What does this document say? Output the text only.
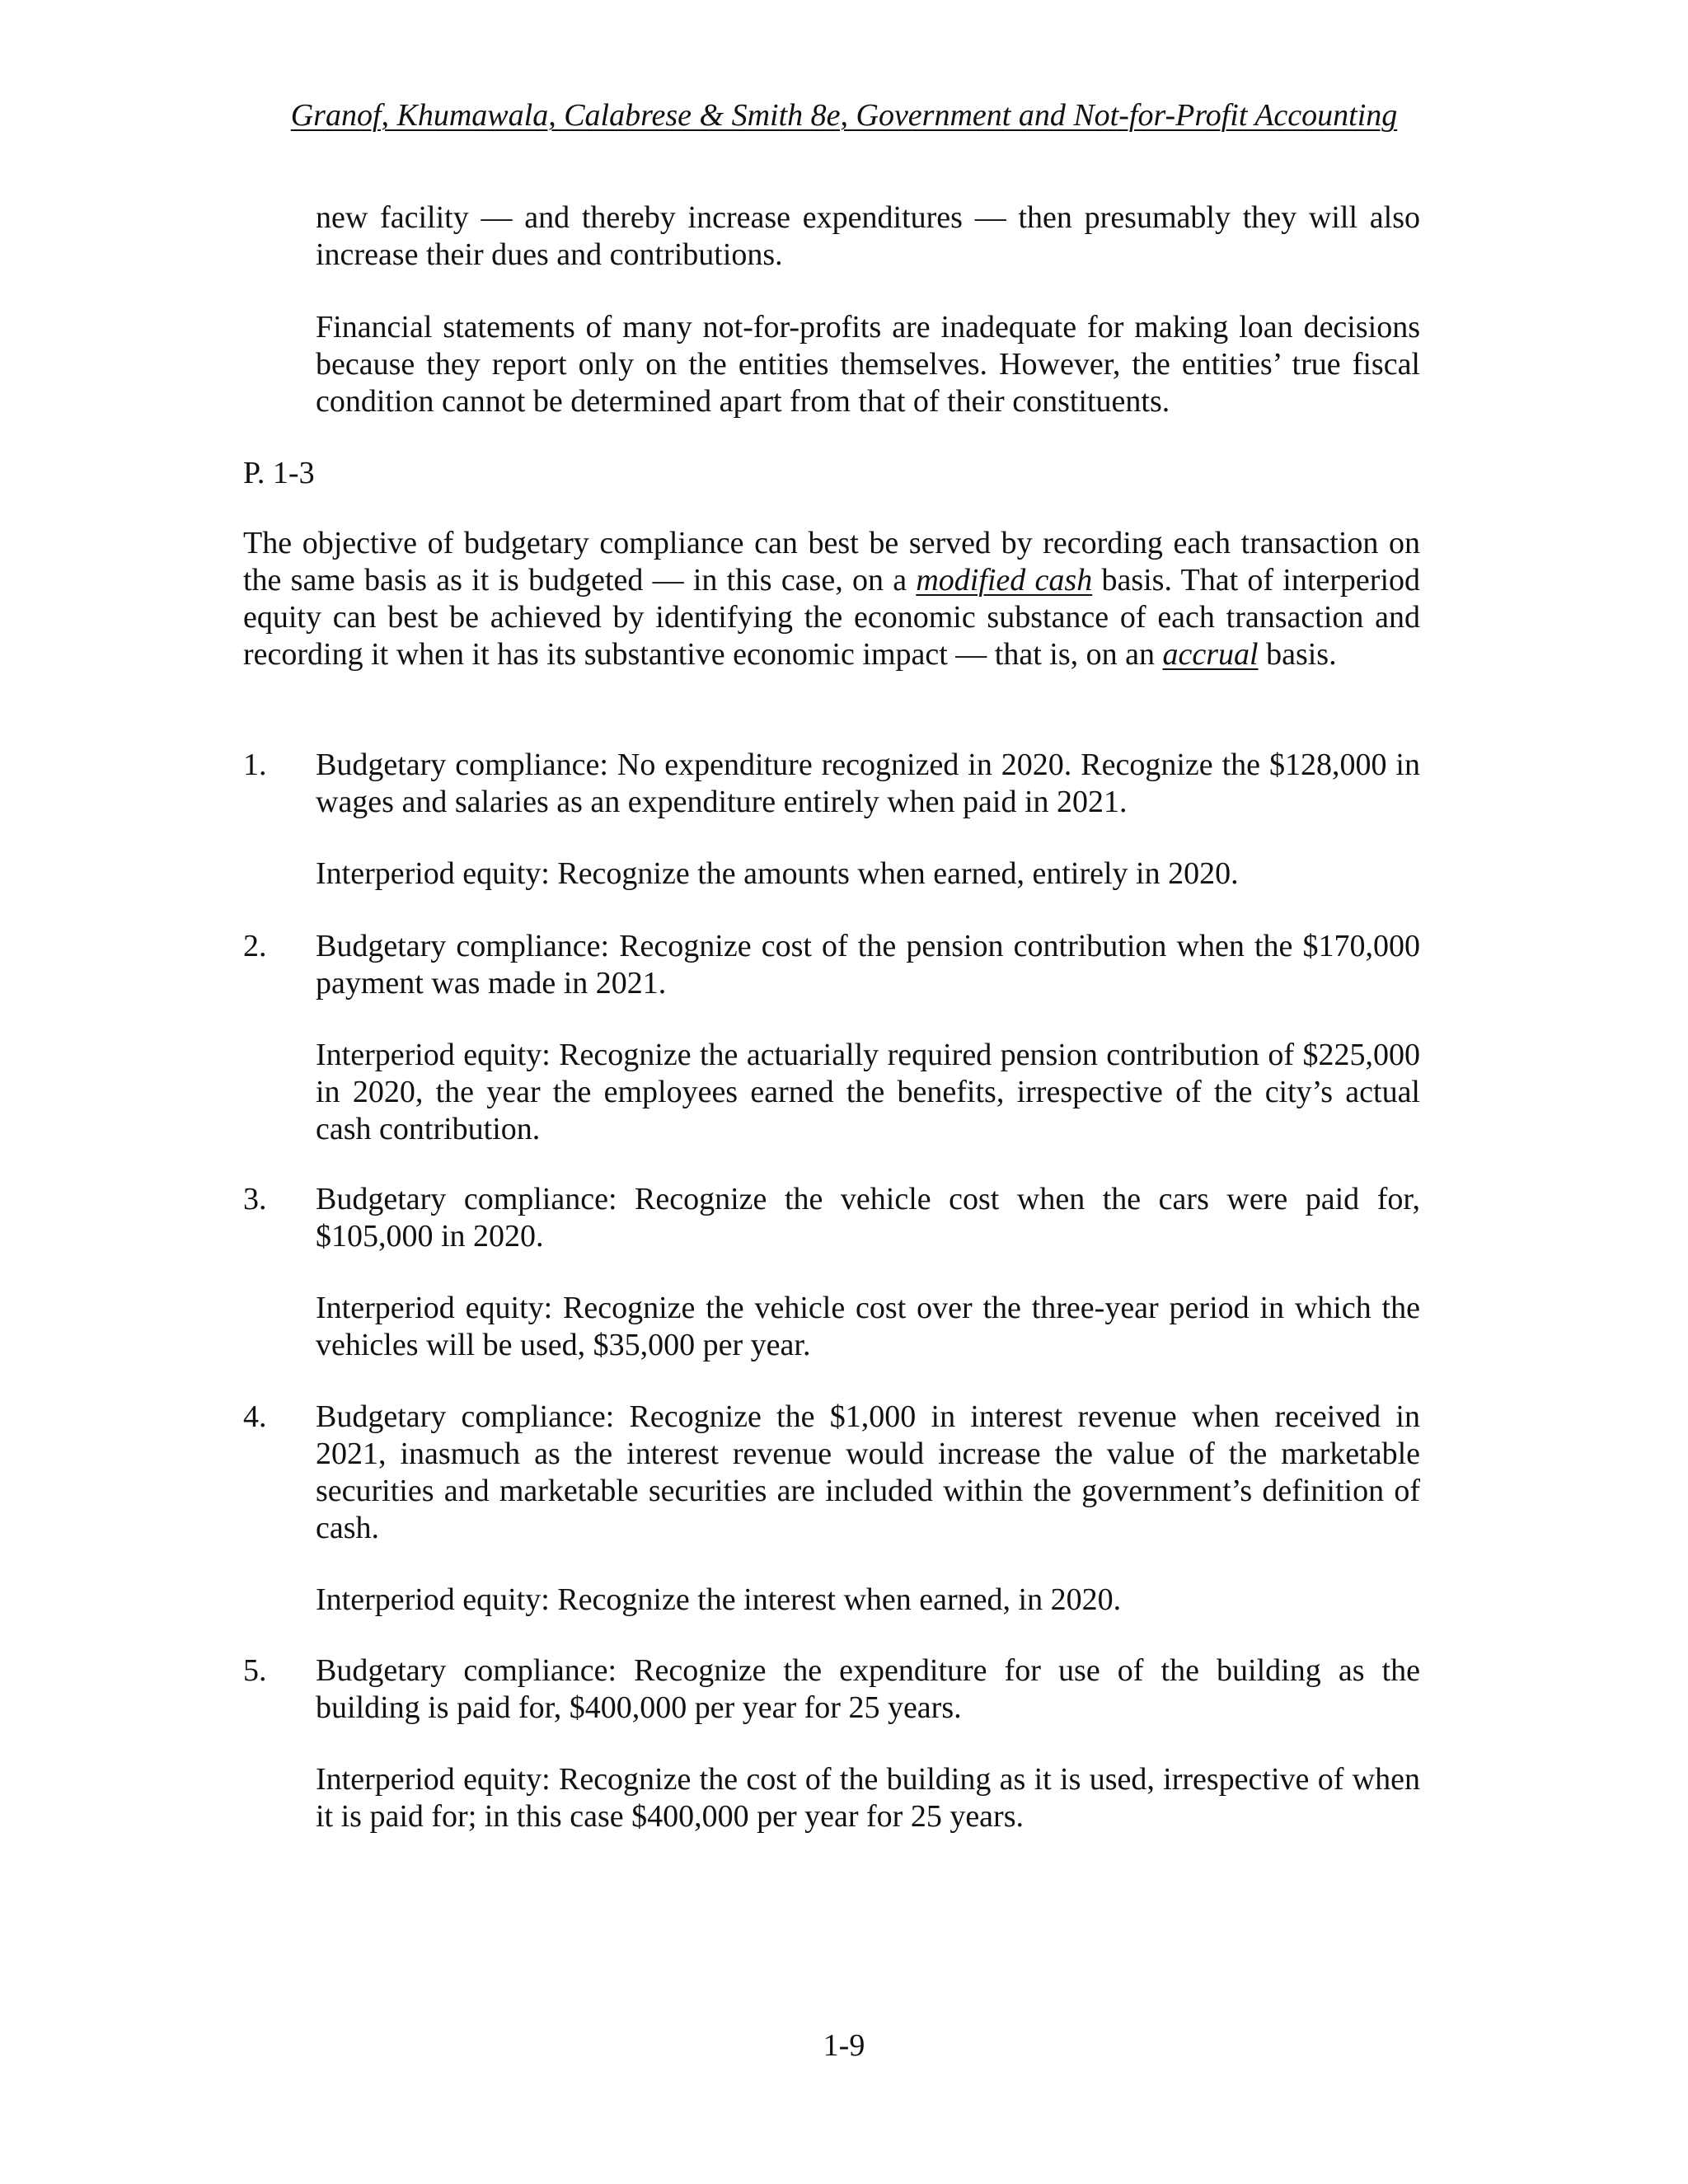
Granof, Khumawala, Calabrese & Smith 8e, Government and Not-for-Profit Accounting

new facility — and thereby increase expenditures — then presumably they will also increase their dues and contributions.

Financial statements of many not-for-profits are inadequate for making loan decisions because they report only on the entities themselves. However, the entities’ true fiscal condition cannot be determined apart from that of their constituents.

P. 1-3

The objective of budgetary compliance can best be served by recording each transaction on the same basis as it is budgeted — in this case, on a modified cash basis. That of interperiod equity can best be achieved by identifying the economic substance of each transaction and recording it when it has its substantive economic impact — that is, on an accrual basis.

1. Budgetary compliance: No expenditure recognized in 2020. Recognize the $128,000 in wages and salaries as an expenditure entirely when paid in 2021.

Interperiod equity: Recognize the amounts when earned, entirely in 2020.

2. Budgetary compliance: Recognize cost of the pension contribution when the $170,000 payment was made in 2021.

Interperiod equity: Recognize the actuarially required pension contribution of $225,000 in 2020, the year the employees earned the benefits, irrespective of the city’s actual cash contribution.

3. Budgetary compliance: Recognize the vehicle cost when the cars were paid for, $105,000 in 2020.

Interperiod equity: Recognize the vehicle cost over the three-year period in which the vehicles will be used, $35,000 per year.

4. Budgetary compliance: Recognize the $1,000 in interest revenue when received in 2021, inasmuch as the interest revenue would increase the value of the marketable securities and marketable securities are included within the government’s definition of cash.

Interperiod equity: Recognize the interest when earned, in 2020.

5. Budgetary compliance: Recognize the expenditure for use of the building as the building is paid for, $400,000 per year for 25 years.

Interperiod equity: Recognize the cost of the building as it is used, irrespective of when it is paid for; in this case $400,000 per year for 25 years.

1-9
